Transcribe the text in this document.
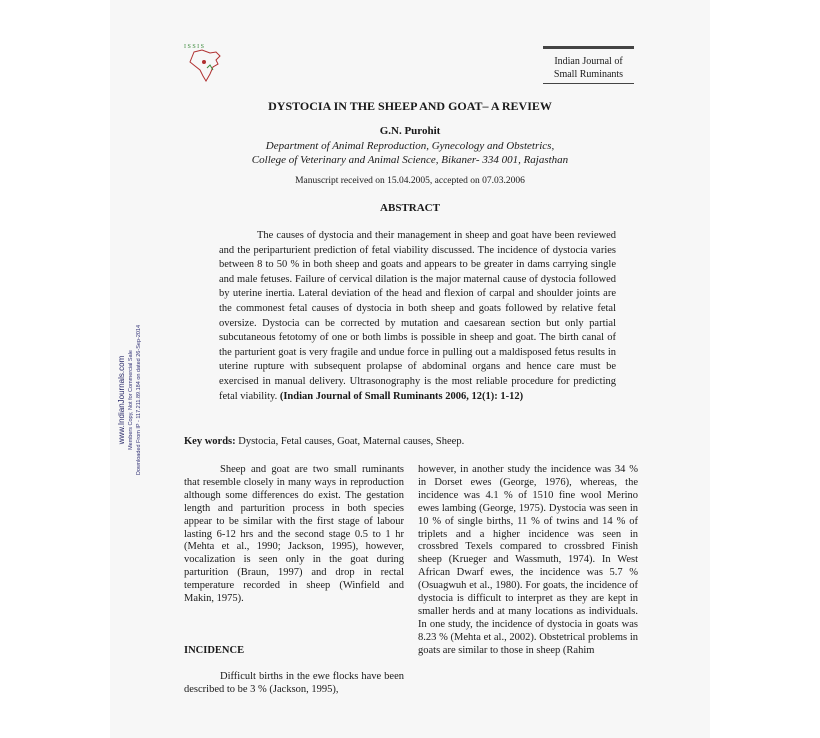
I S S I S
Indian Journal of
Small Ruminants
DYSTOCIA IN THE SHEEP AND GOAT– A REVIEW
G.N. Purohit
Department of Animal Reproduction, Gynecology and Obstetrics,
College of Veterinary and Animal Science, Bikaner- 334 001, Rajasthan
Manuscript received on 15.04.2005, accepted on 07.03.2006
ABSTRACT

The causes of dystocia and their management in sheep and goat have been reviewed and the periparturient prediction of fetal viability discussed. The incidence of dystocia varies between 8 to 50 % in both sheep and goats and appears to be greater in dams carrying single and male fetuses. Failure of cervical dilation is the major maternal cause of dystocia followed by uterine inertia. Lateral deviation of the head and flexion of carpal and shoulder joints are the commonest fetal causes of dystocia in both sheep and goats followed by relative fetal oversize. Dystocia can be corrected by mutation and caesarean section but only partial subcutaneous fetotomy of one or both limbs is possible in sheep and goat. The birth canal of the parturient goat is very fragile and undue force in pulling out a maldisposed fetus results in uterine rupture with subsequent prolapse of abdominal organs and hence care must be exercised in manual delivery. Ultrasonography is the most reliable procedure for predicting fetal viability. (Indian Journal of Small Ruminants 2006, 12(1): 1-12)

Key words: Dystocia, Fetal causes, Goat, Maternal causes, Sheep.

Sheep and goat are two small ruminants that resemble closely in many ways in reproduction although some differences do exist. The gestation length and parturition process in both species appear to be similar with the first stage of labour lasting 6-12 hrs and the second stage 0.5 to 1 hr (Mehta et al., 1990; Jackson, 1995), however, vocalization is seen only in the goat during parturition (Braun, 1997) and drop in rectal temperature recorded in sheep (Winfield and Makin, 1975).

INCIDENCE

Difficult births in the ewe flocks have been described to be 3 % (Jackson, 1995),

however, in another study the incidence was 34 % in Dorset ewes (George, 1976), whereas, the incidence was 4.1 % of 1510 fine wool Merino ewes lambing (George, 1975). Dystocia was seen in 10 % of single births, 11 % of twins and 14 % of triplets and a higher incidence was seen in crossbred Texels compared to crossbred Finish sheep (Krueger and Wassmuth, 1974). In West African Dwarf ewes, the incidence was 5.7 % (Osuagwuh et al., 1980). For goats, the incidence of dystocia is difficult to interpret as they are kept in smaller herds and at many locations as individuals. In one study, the incidence of dystocia in goats was 8.23 % (Mehta et al., 2002). Obstetrical problems in goats are similar to those in sheep (Rahim

www.IndianJournals.com Members Copy, Not for Commercial Sale Downloaded From IP - 117.211.89.184 on dated 26-Sep-2014
